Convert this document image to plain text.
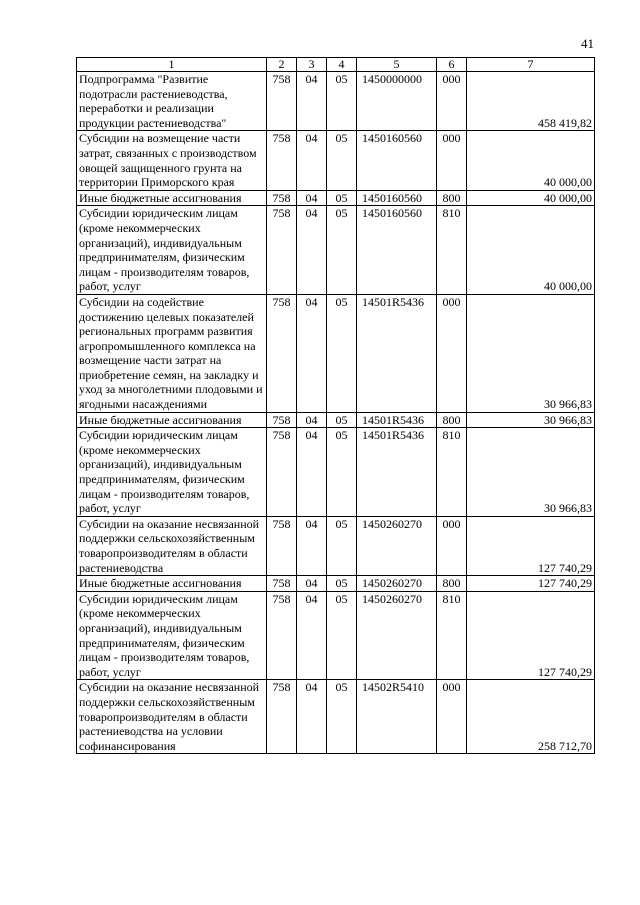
41
1	2	3	4	5	6	7
Подпрограмма "Развитие подотрасли растениеводства, переработки и реализации продукции растениеводства"	758	04	05	1450000000	000	458 419,82
Субсидии на возмещение части затрат, связанных с производством овощей защищенного грунта на территории Приморского края	758	04	05	1450160560	000	40 000,00
Иные бюджетные ассигнования	758	04	05	1450160560	800	40 000,00
Субсидии юридическим лицам (кроме некоммерческих организаций), индивидуальным предпринимателям, физическим лицам - производителям товаров, работ, услуг	758	04	05	1450160560	810	40 000,00
Субсидии на содействие достижению целевых показателей региональных программ развития агропромышленного комплекса на возмещение части затрат на приобретение семян, на закладку и уход за многолетними плодовыми и ягодными насаждениями	758	04	05	14501R5436	000	30 966,83
Иные бюджетные ассигнования	758	04	05	14501R5436	800	30 966,83
Субсидии юридическим лицам (кроме некоммерческих организаций), индивидуальным предпринимателям, физическим лицам - производителям товаров, работ, услуг	758	04	05	14501R5436	810	30 966,83
Субсидии на оказание несвязанной поддержки сельскохозяйственным товаропроизводителям в области растениеводства	758	04	05	1450260270	000	127 740,29
Иные бюджетные ассигнования	758	04	05	1450260270	800	127 740,29
Субсидии юридическим лицам (кроме некоммерческих организаций), индивидуальным предпринимателям, физическим лицам - производителям товаров, работ, услуг	758	04	05	1450260270	810	127 740,29
Субсидии на оказание несвязанной поддержки сельскохозяйственным товаропроизводителям в области растениеводства на условии софинансирования	758	04	05	14502R5410	000	258 712,70
